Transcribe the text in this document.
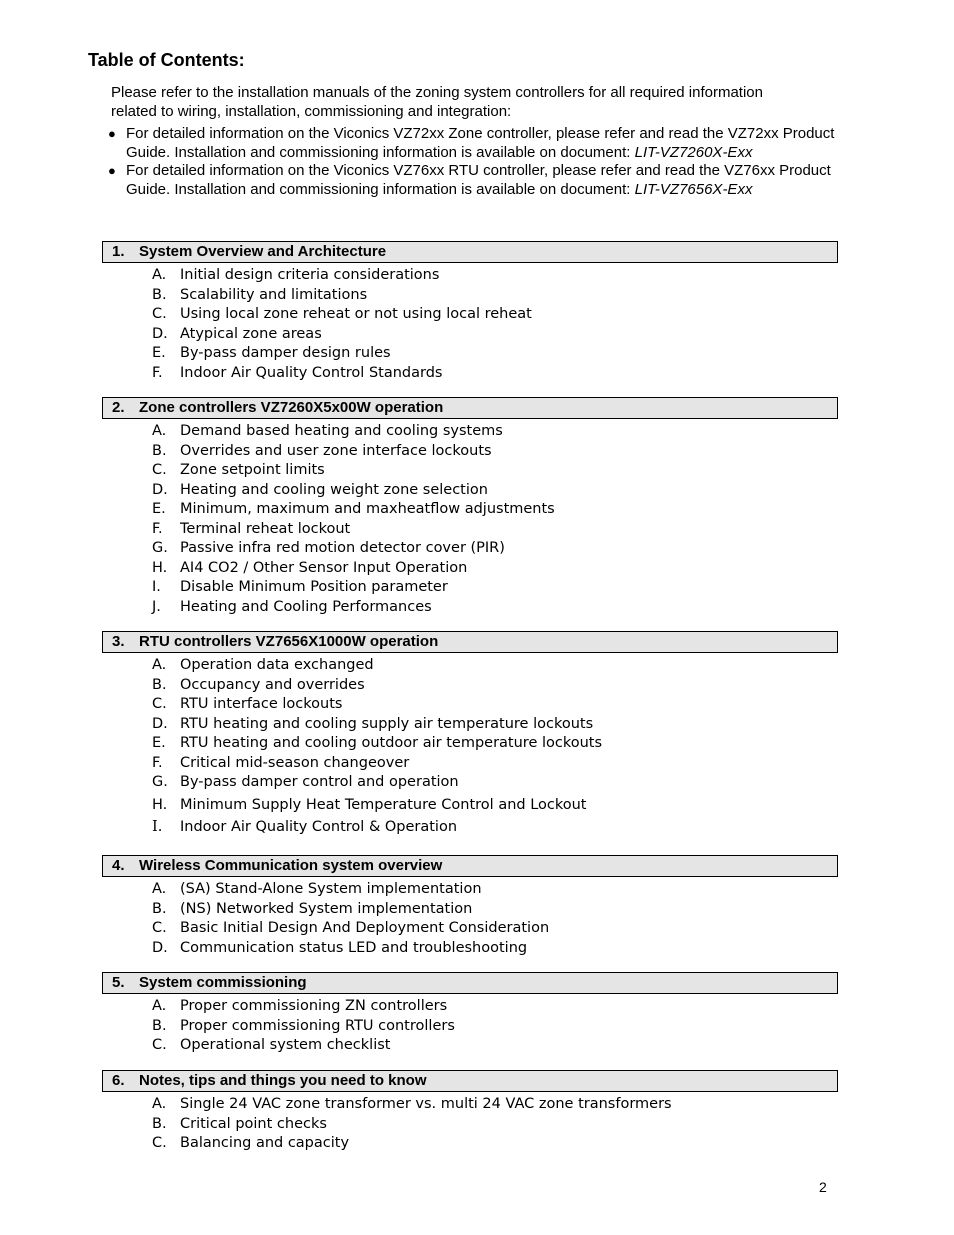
Table of Contents:
Please refer to the installation manuals of the zoning system controllers for all required information
related to wiring, installation, commissioning and integration:
● For detailed information on the Viconics VZ72xx Zone controller, please refer and read the VZ72xx Product Guide. Installation and commissioning information is available on document: LIT-VZ7260X-Exx
● For detailed information on the Viconics VZ76xx RTU controller, please refer and read the VZ76xx Product Guide. Installation and commissioning information is available on document: LIT-VZ7656X-Exx
1. System Overview and Architecture
A. Initial design criteria considerations
B. Scalability and limitations
C. Using local zone reheat or not using local reheat
D. Atypical zone areas
E. By-pass damper design rules
F. Indoor Air Quality Control Standards
2. Zone controllers VZ7260X5x00W operation
A. Demand based heating and cooling systems
B. Overrides and user zone interface lockouts
C. Zone setpoint limits
D. Heating and cooling weight zone selection
E. Minimum, maximum and maxheatflow adjustments
F. Terminal reheat lockout
G. Passive infra red motion detector cover (PIR)
H. AI4 CO2 / Other Sensor Input Operation
I. Disable Minimum Position parameter
J. Heating and Cooling Performances
3. RTU controllers VZ7656X1000W operation
A. Operation data exchanged
B. Occupancy and overrides
C. RTU interface lockouts
D. RTU heating and cooling supply air temperature lockouts
E. RTU heating and cooling outdoor air temperature lockouts
F. Critical mid-season changeover
G. By-pass damper control and operation
H. Minimum Supply Heat Temperature Control and Lockout
I. Indoor Air Quality Control & Operation
4. Wireless Communication system overview
A. (SA) Stand-Alone System implementation
B. (NS) Networked System implementation
C. Basic Initial Design And Deployment Consideration
D. Communication status LED and troubleshooting
5. System commissioning
A. Proper commissioning ZN controllers
B. Proper commissioning RTU controllers
C. Operational system checklist
6. Notes, tips and things you need to know
A. Single 24 VAC zone transformer vs. multi 24 VAC zone transformers
B. Critical point checks
C. Balancing and capacity
2
